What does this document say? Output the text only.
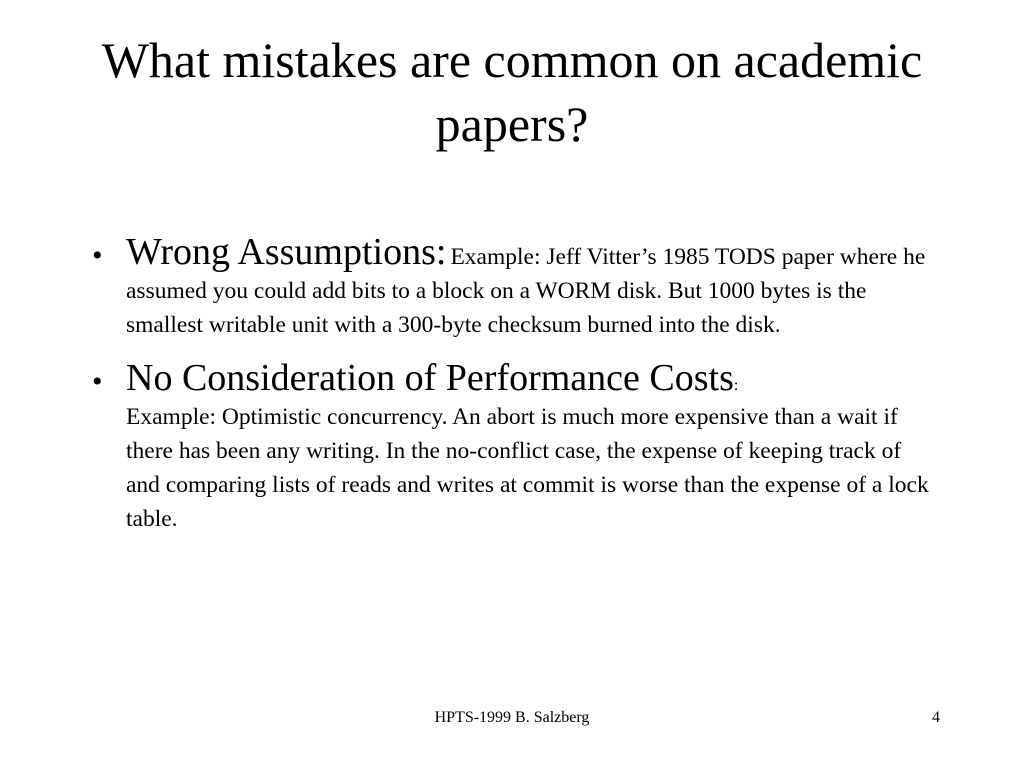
What mistakes are common on academic papers?
• Wrong Assumptions: Example: Jeff Vitter’s 1985 TODS paper where he assumed you could add bits to a block on a WORM disk. But 1000 bytes is the smallest writable unit with a 300-byte checksum burned into the disk.
• No Consideration of Performance Costs:
Example: Optimistic concurrency. An abort is much more expensive than a wait if there has been any writing. In the no-conflict case, the expense of keeping track of and comparing lists of reads and writes at commit is worse than the expense of a lock table.
HPTS-1999 B. Salzberg	4
